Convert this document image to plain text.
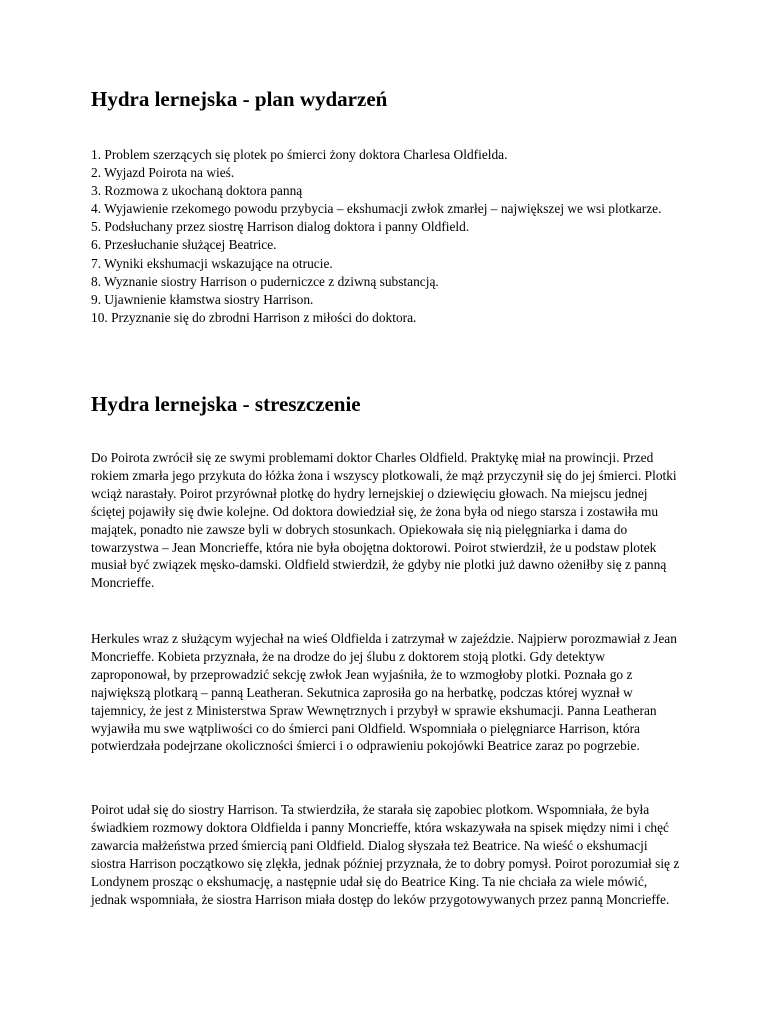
Hydra lernejska - plan wydarzeń
1. Problem szerzących się plotek po śmierci żony doktora Charlesa Oldfielda.
2. Wyjazd Poirota na wieś.
3. Rozmowa z ukochaną doktora panną
4. Wyjawienie rzekomego powodu przybycia – ekshumacji zwłok zmarłej – największej we wsi plotkarze.
5. Podsłuchany przez siostrę Harrison dialog doktora i panny Oldfield.
6. Przesłuchanie służącej Beatrice.
7. Wyniki ekshumacji wskazujące na otrucie.
8. Wyznanie siostry Harrison o puderniczce z dziwną substancją.
9. Ujawnienie kłamstwa siostry Harrison.
10. Przyznanie się do zbrodni Harrison z miłości do doktora.
Hydra lernejska - streszczenie

Do Poirota zwrócił się ze swymi problemami doktor Charles Oldfield. Praktykę miał na prowincji. Przed rokiem zmarła jego przykuta do łóżka żona i wszyscy plotkowali, że mąż przyczynił się do jej śmierci. Plotki wciąż narastały. Poirot przyrównał plotkę do hydry lernejskiej o dziewięciu głowach. Na miejscu jednej ściętej pojawiły się dwie kolejne. Od doktora dowiedział się, że żona była od niego starsza i zostawiła mu majątek, ponadto nie zawsze byli w dobrych stosunkach. Opiekowała się nią pielęgniarka i dama do towarzystwa – Jean Moncrieffe, która nie była obojętna doktorowi. Poirot stwierdził, że u podstaw plotek musiał być związek męsko-damski. Oldfield stwierdził, że gdyby nie plotki już dawno ożeniłby się z panną Moncrieffe.

Herkules wraz z służącym wyjechał na wieś Oldfielda i zatrzymał w zajeździe. Najpierw porozmawiał z Jean Moncrieffe. Kobieta przyznała, że na drodze do jej ślubu z doktorem stoją plotki. Gdy detektyw zaproponował, by przeprowadzić sekcję zwłok Jean wyjaśniła, że to wzmogłoby plotki. Poznała go z największą plotkarą – panną Leatheran. Sekutnica zaprosiła go na herbatkę, podczas której wyznał w tajemnicy, że jest z Ministerstwa Spraw Wewnętrznych i przybył w sprawie ekshumacji. Panna Leatheran wyjawiła mu swe wątpliwości co do śmierci pani Oldfield. Wspomniała o pielęgniarce Harrison, która potwierdzała podejrzane okoliczności śmierci i o odprawieniu pokojówki Beatrice zaraz po pogrzebie.

Poirot udał się do siostry Harrison. Ta stwierdziła, że starała się zapobiec plotkom. Wspomniała, że była świadkiem rozmowy doktora Oldfielda i panny Moncrieffe, która wskazywała na spisek między nimi i chęć zawarcia małżeństwa przed śmiercią pani Oldfield. Dialog słyszała też Beatrice. Na wieść o ekshumacji siostra Harrison początkowo się zlękła, jednak później przyznała, że to dobry pomysł. Poirot porozumiał się z Londynem prosząc o ekshumację, a następnie udał się do Beatrice King. Ta nie chciała za wiele mówić, jednak wspomniała, że siostra Harrison miała dostęp do leków przygotowywanych przez panną Moncrieffe.
